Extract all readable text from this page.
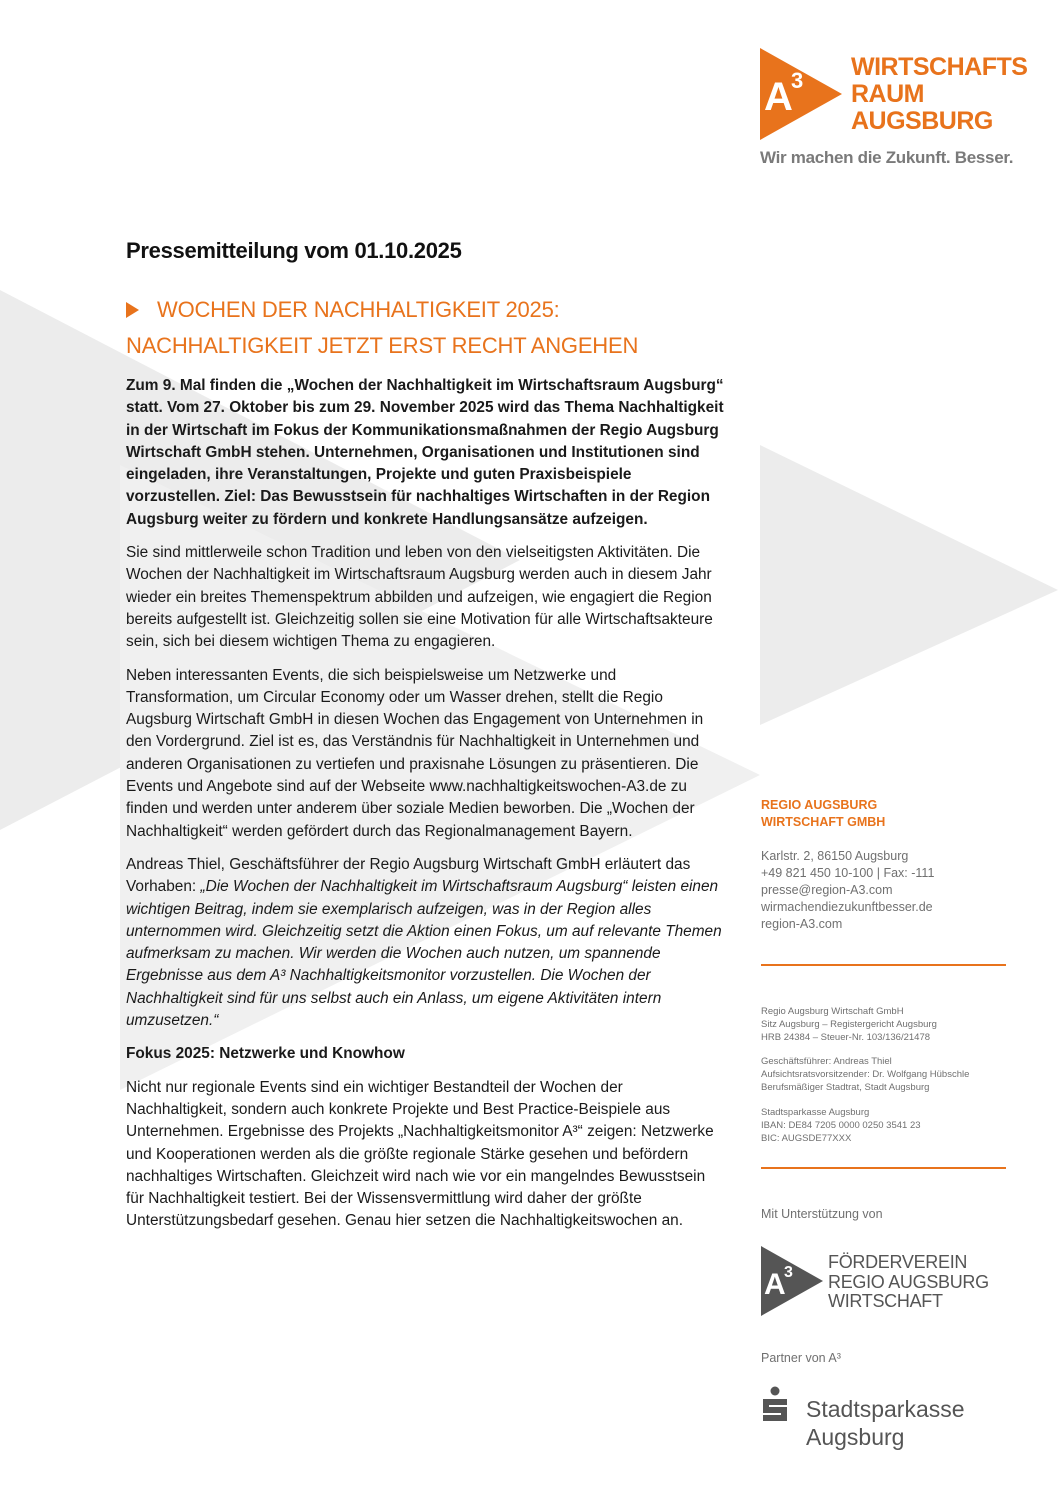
A
3 WIRTSCHAFTS
RAUM
AUGSBURG
Wir machen die Zukunft. Besser.
Pressemitteilung vom 01.10.2025
WOCHEN DER NACHHALTIGKEIT 2025:
NACHHALTIGKEIT JETZT ERST RECHT ANGEHEN

Zum 9. Mal finden die „Wochen der Nachhaltigkeit im Wirtschaftsraum Augsburg“ statt. Vom 27. Oktober bis zum 29. November 2025 wird das Thema Nachhaltigkeit in der Wirtschaft im Fokus der Kommunikationsmaßnahmen der Regio Augsburg Wirtschaft GmbH stehen. Unternehmen, Organisationen und Institutionen sind eingeladen, ihre Veranstaltungen, Projekte und guten Praxisbeispiele vorzustellen. Ziel: Das Bewusstsein für nachhaltiges Wirtschaften in der Region Augsburg weiter zu fördern und konkrete Handlungsansätze aufzeigen.

Sie sind mittlerweile schon Tradition und leben von den vielseitigsten Aktivitäten. Die Wochen der Nachhaltigkeit im Wirtschaftsraum Augsburg werden auch in diesem Jahr wieder ein breites Themenspektrum abbilden und aufzeigen, wie engagiert die Region bereits aufgestellt ist. Gleichzeitig sollen sie eine Motivation für alle Wirtschaftsakteure sein, sich bei diesem wichtigen Thema zu engagieren.

Neben interessanten Events, die sich beispielsweise um Netzwerke und Transformation, um Circular Economy oder um Wasser drehen, stellt die Regio Augsburg Wirtschaft GmbH in diesen Wochen das Engagement von Unternehmen in den Vordergrund. Ziel ist es, das Verständnis für Nachhaltigkeit in Unternehmen und anderen Organisationen zu vertiefen und praxisnahe Lösungen zu präsentieren. Die Events und Angebote sind auf der Webseite www.nachhaltigkeitswochen-A3.de zu finden und werden unter anderem über soziale Medien beworben. Die „Wochen der Nachhaltigkeit“ werden gefördert durch das Regionalmanagement Bayern.

Andreas Thiel, Geschäftsführer der Regio Augsburg Wirtschaft GmbH erläutert das Vorhaben: „Die Wochen der Nachhaltigkeit im Wirtschaftsraum Augsburg“ leisten einen wichtigen Beitrag, indem sie exemplarisch aufzeigen, was in der Region alles unternommen wird. Gleichzeitig setzt die Aktion einen Fokus, um auf relevante Themen aufmerksam zu machen. Wir werden die Wochen auch nutzen, um spannende Ergebnisse aus dem A³ Nachhaltigkeitsmonitor vorzustellen. Die Wochen der Nachhaltigkeit sind für uns selbst auch ein Anlass, um eigene Aktivitäten intern umzusetzen.“

Fokus 2025: Netzwerke und Knowhow

Nicht nur regionale Events sind ein wichtiger Bestandteil der Wochen der Nachhaltigkeit, sondern auch konkrete Projekte und Best Practice-Beispiele aus Unternehmen. Ergebnisse des Projekts „Nachhaltigkeitsmonitor A³“ zeigen: Netzwerke und Kooperationen werden als die größte regionale Stärke gesehen und befördern nachhaltiges Wirtschaften. Gleichzeit wird nach wie vor ein mangelndes Bewusstsein für Nachhaltigkeit testiert. Bei der Wissensvermittlung wird daher der größte Unterstützungsbedarf gesehen. Genau hier setzen die Nachhaltigkeitswochen an.

REGIO AUGSBURG
WIRTSCHAFT GMBH
Karlstr. 2, 86150 Augsburg
+49 821 450 10-100 | Fax: -111
presse@region-A3.com
wirmachendiezukunftbesser.de
region-A3.com
Regio Augsburg Wirtschaft GmbH
Sitz Augsburg – Registergericht Augsburg
HRB 24384 – Steuer-Nr. 103/136/21478
Geschäftsführer: Andreas Thiel
Aufsichtsratsvorsitzender: Dr. Wolfgang Hübschle
Berufsmäßiger Stadtrat, Stadt Augsburg
Stadtsparkasse Augsburg
IBAN: DE84 7205 0000 0250 3541 23
BIC: AUGSDE77XXX
Mit Unterstützung von
A
3
FÖRDERVEREIN
REGIO AUGSBURG
WIRTSCHAFT
Partner von A³
Stadtsparkasse
Augsburg
